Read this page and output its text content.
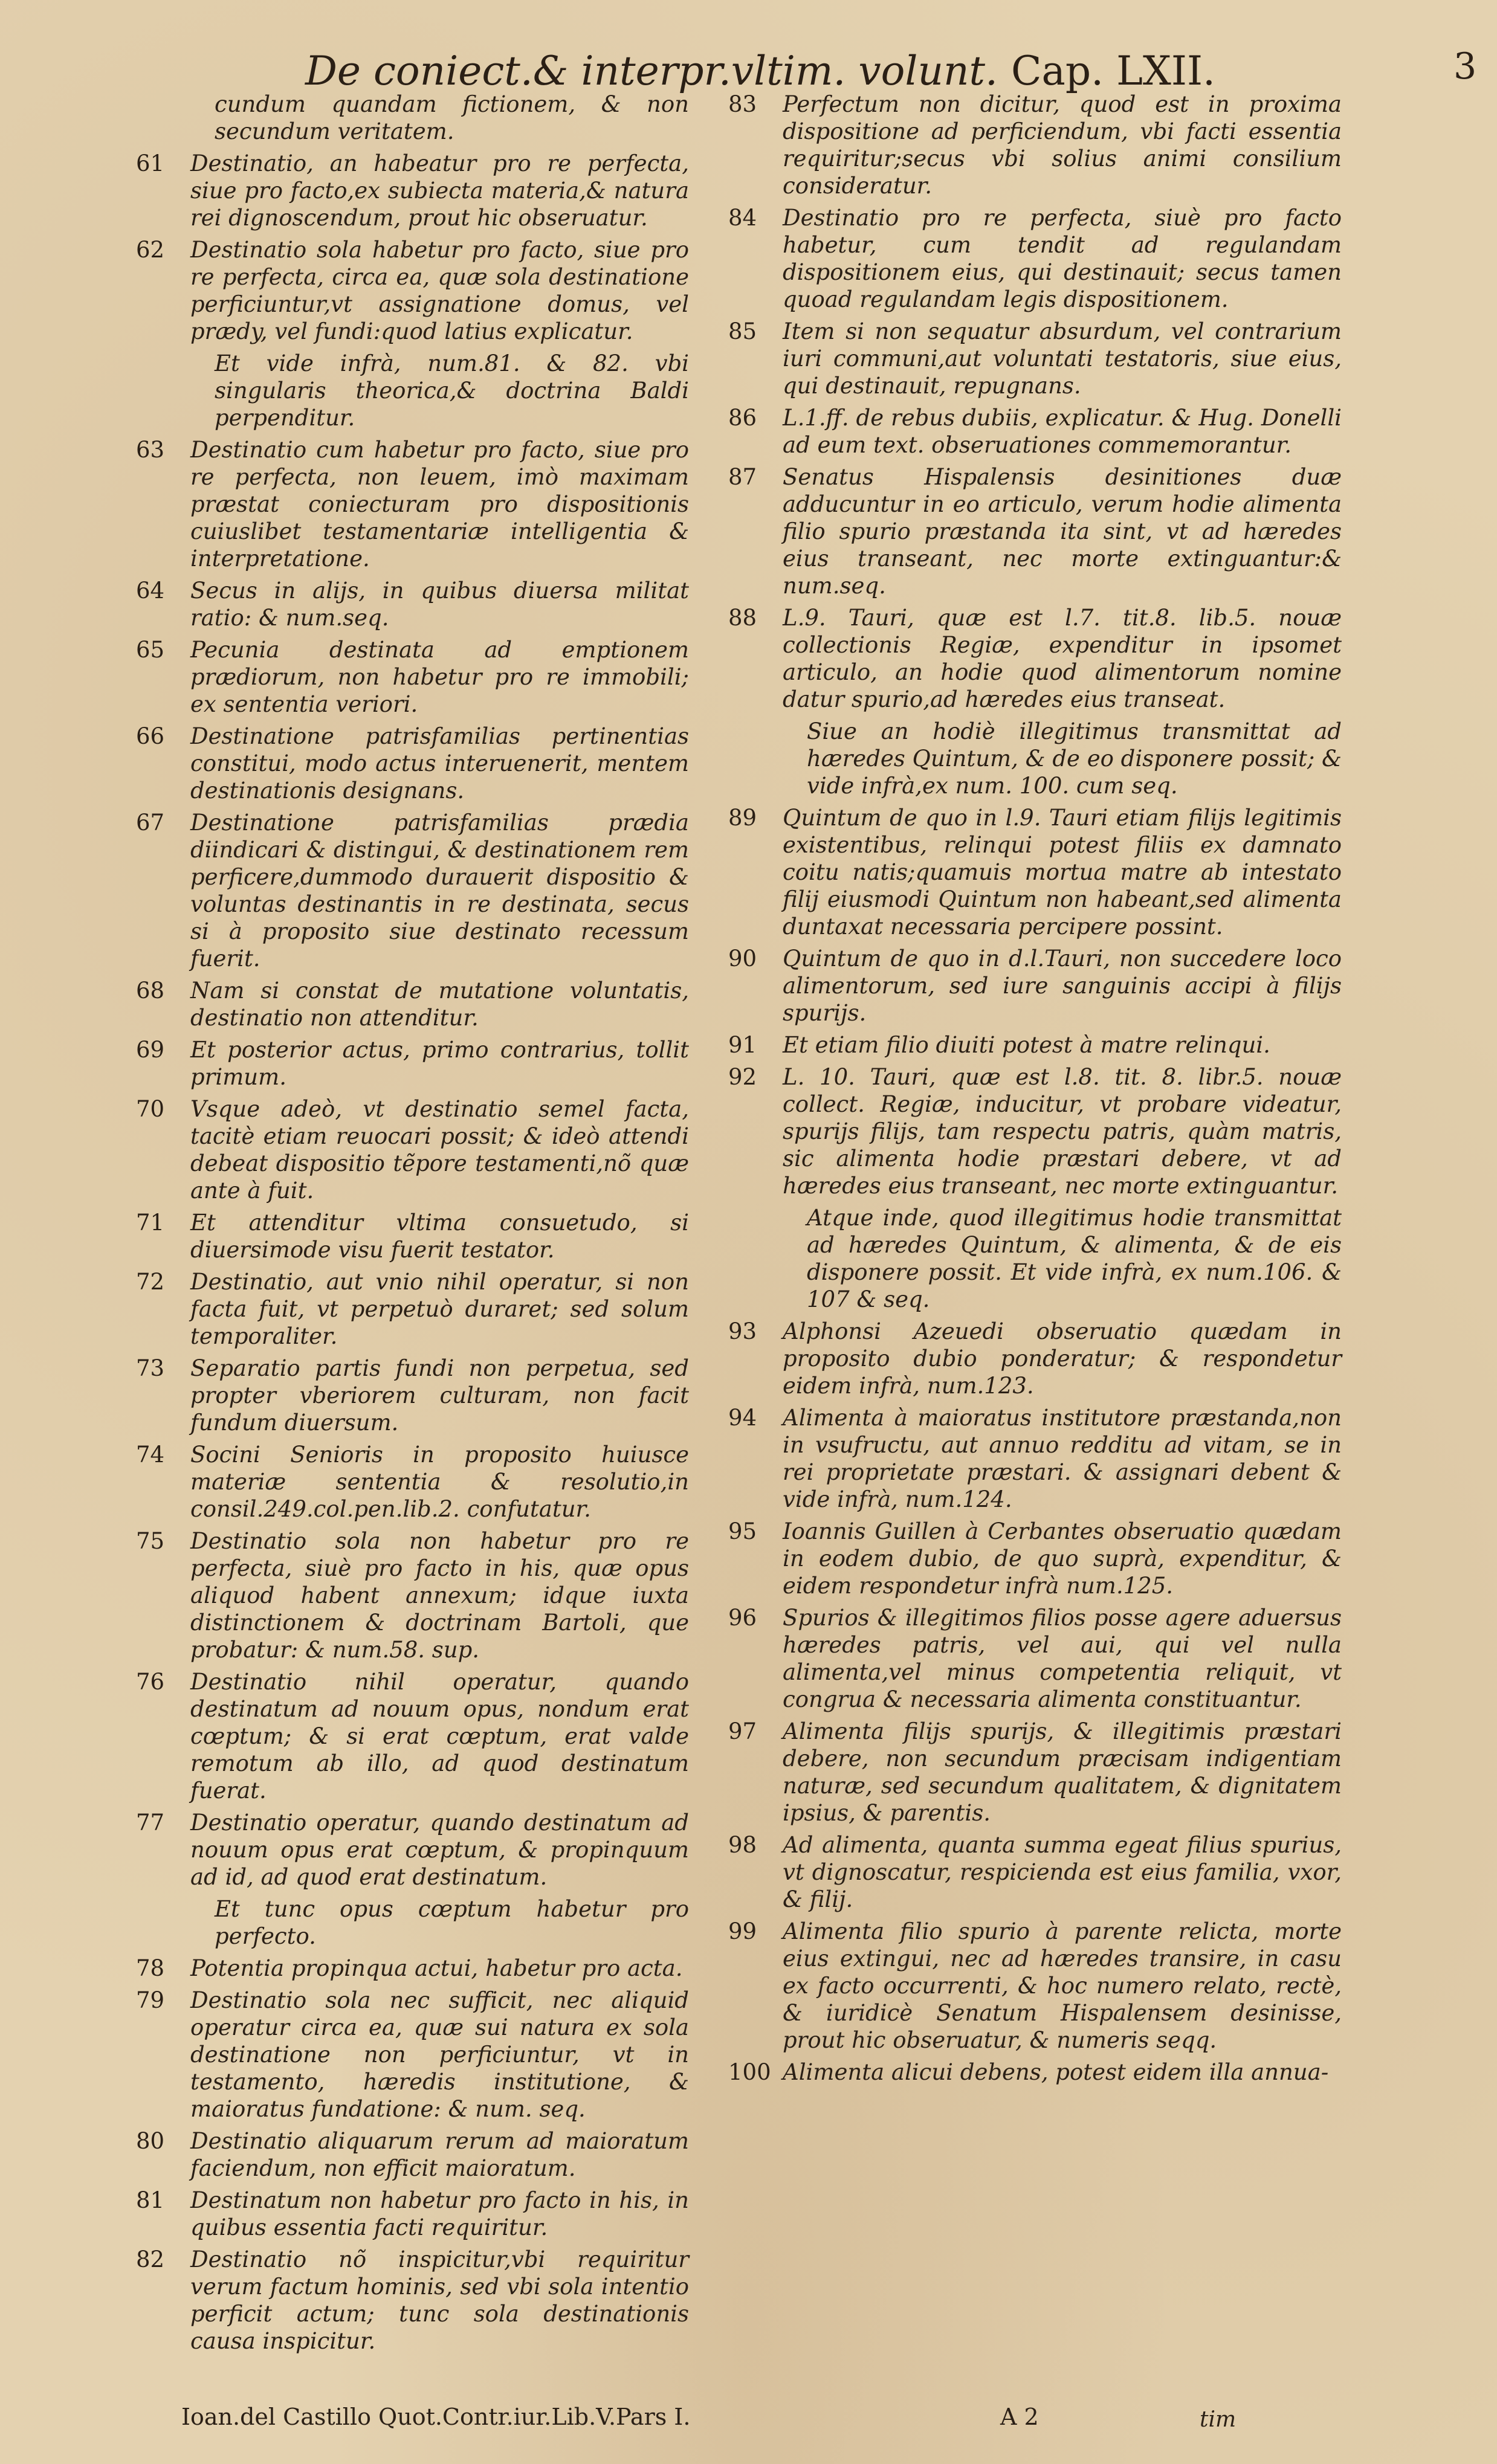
De coniect.& interpr.vltim. volunt. Cap. LXII.	3
cundum quandam fictionem, & non secundum veritatem.
61	Destinatio, an habeatur pro re perfecta, siue pro facto,ex subiecta materia,& natura rei dignoscendum, prout hic obseruatur.
62	Destinatio sola habetur pro facto, siue pro re perfecta, circa ea, quæ sola destinatione perficiuntur,vt assignatione domus, vel prædy, vel fundi:quod latius explicatur.
Et vide infrà, num.81. & 82. vbi singularis theorica,& doctrina Baldi perpenditur.
63	Destinatio cum habetur pro facto, siue pro re perfecta, non leuem, imò maximam præstat coniecturam pro dispositionis cuiuslibet testamentariæ intelligentia & interpretatione.
64	Secus in alijs, in quibus diuersa militat ratio: & num.seq.
65	Pecunia destinata ad emptionem prædiorum, non habetur pro re immobili; ex sententia veriori.
66	Destinatione patrisfamilias pertinentias constitui, modo actus interuenerit, mentem destinationis designans.
67	Destinatione patrisfamilias prædia diindicari & distingui, & destinationem rem perficere,dummodo durauerit dispositio & voluntas destinantis in re destinata, secus si à proposito siue destinato recessum fuerit.
68	Nam si constat de mutatione voluntatis, destinatio non attenditur.
69	Et posterior actus, primo contrarius, tollit primum.
70	Vsque adeò, vt destinatio semel facta, tacitè etiam reuocari possit; & ideò attendi debeat dispositio tẽpore testamenti,nõ quæ ante à fuit.
71	Et attenditur vltima consuetudo, si diuersimode visu fuerit testator.
72	Destinatio, aut vnio nihil operatur, si non facta fuit, vt perpetuò duraret; sed solum temporaliter.
73	Separatio partis fundi non perpetua, sed propter vberiorem culturam, non facit fundum diuersum.
74	Socini Senioris in proposito huiusce materiæ sententia & resolutio,in consil.249.col.pen.lib.2. confutatur.
75	Destinatio sola non habetur pro re perfecta, siuè pro facto in his, quæ opus aliquod habent annexum; idque iuxta distinctionem & doctrinam Bartoli, que probatur: & num.58. sup.
76	Destinatio nihil operatur, quando destinatum ad nouum opus, nondum erat cœptum; & si erat cœptum, erat valde remotum ab illo, ad quod destinatum fuerat.
77	Destinatio operatur, quando destinatum ad nouum opus erat cœptum, & propinquum ad id, ad quod erat destinatum.
Et tunc opus cœptum habetur pro perfecto.
78	Potentia propinqua actui, habetur pro acta.
79	Destinatio sola nec sufficit, nec aliquid operatur circa ea, quæ sui natura ex sola destinatione non perficiuntur, vt in testamento, hæredis institutione, & maioratus fundatione: & num. seq.
80	Destinatio aliquarum rerum ad maioratum faciendum, non efficit maioratum.
81	Destinatum non habetur pro facto in his, in quibus essentia facti requiritur.
82	Destinatio nõ inspicitur,vbi requiritur verum factum hominis, sed vbi sola intentio perficit actum; tunc sola destinationis causa inspicitur.
83	Perfectum non dicitur, quod est in proxima dispositione ad perficiendum, vbi facti essentia requiritur;secus vbi solius animi consilium consideratur.
84	Destinatio pro re perfecta, siuè pro facto habetur, cum tendit ad regulandam dispositionem eius, qui destinauit; secus tamen quoad regulandam legis dispositionem.
85	Item si non sequatur absurdum, vel contrarium iuri communi,aut voluntati testatoris, siue eius, qui destinauit, repugnans.
86	L.1.ff. de rebus dubiis, explicatur. & Hug. Donelli ad eum text. obseruationes commemorantur.
87	Senatus Hispalensis desinitiones duæ adducuntur in eo articulo, verum hodie alimenta filio spurio præstanda ita sint, vt ad hæredes eius transeant, nec morte extinguantur:& num.seq.
88	L.9. Tauri, quæ est l.7. tit.8. lib.5. nouæ collectionis Regiæ, expenditur in ipsomet articulo, an hodie quod alimentorum nomine datur spurio,ad hæredes eius transeat.
Siue an hodiè illegitimus transmittat ad hæredes Quintum, & de eo disponere possit; & vide infrà,ex num. 100. cum seq.
89	Quintum de quo in l.9. Tauri etiam filijs legitimis existentibus, relinqui potest filiis ex damnato coitu natis;quamuis mortua matre ab intestato filij eiusmodi Quintum non habeant,sed alimenta duntaxat necessaria percipere possint.
90	Quintum de quo in d.l.Tauri, non succedere loco alimentorum, sed iure sanguinis accipi à filijs spurijs.
91	Et etiam filio diuiti potest à matre relinqui.
92	L. 10. Tauri, quæ est l.8. tit. 8. libr.5. nouæ collect. Regiæ, inducitur, vt probare videatur, spurijs filijs, tam respectu patris, quàm matris, sic alimenta hodie præstari debere, vt ad hæredes eius transeant, nec morte extinguantur.
Atque inde, quod illegitimus hodie transmittat ad hæredes Quintum, & alimenta, & de eis disponere possit. Et vide infrà, ex num.106. & 107 & seq.
93	Alphonsi Azeuedi obseruatio quædam in proposito dubio ponderatur; & respondetur eidem infrà, num.123.
94	Alimenta à maioratus institutore præstanda,non in vsufructu, aut annuo redditu ad vitam, se in rei proprietate præstari. & assignari debent & vide infrà, num.124.
95	Ioannis Guillen à Cerbantes obseruatio quædam in eodem dubio, de quo suprà, expenditur, & eidem respondetur infrà num.125.
96	Spurios & illegitimos filios posse agere aduersus hæredes patris, vel aui, qui vel nulla alimenta,vel minus competentia reliquit, vt congrua & necessaria alimenta constituantur.
97	Alimenta filijs spurijs, & illegitimis præstari debere, non secundum præcisam indigentiam naturæ, sed secundum qualitatem, & dignitatem ipsius, & parentis.
98	Ad alimenta, quanta summa egeat filius spurius, vt dignoscatur, respicienda est eius familia, vxor, & filij.
99	Alimenta filio spurio à parente relicta, morte eius extingui, nec ad hæredes transire, in casu ex facto occurrenti, & hoc numero relato, rectè, & iuridicè Senatum Hispalensem desinisse, prout hic obseruatur, & numeris seqq.
100 Alimenta alicui debens, potest eidem illa annua-
Ioan.del Castillo Quot.Contr.iur.Lib.V.Pars I.	A 2	tim
